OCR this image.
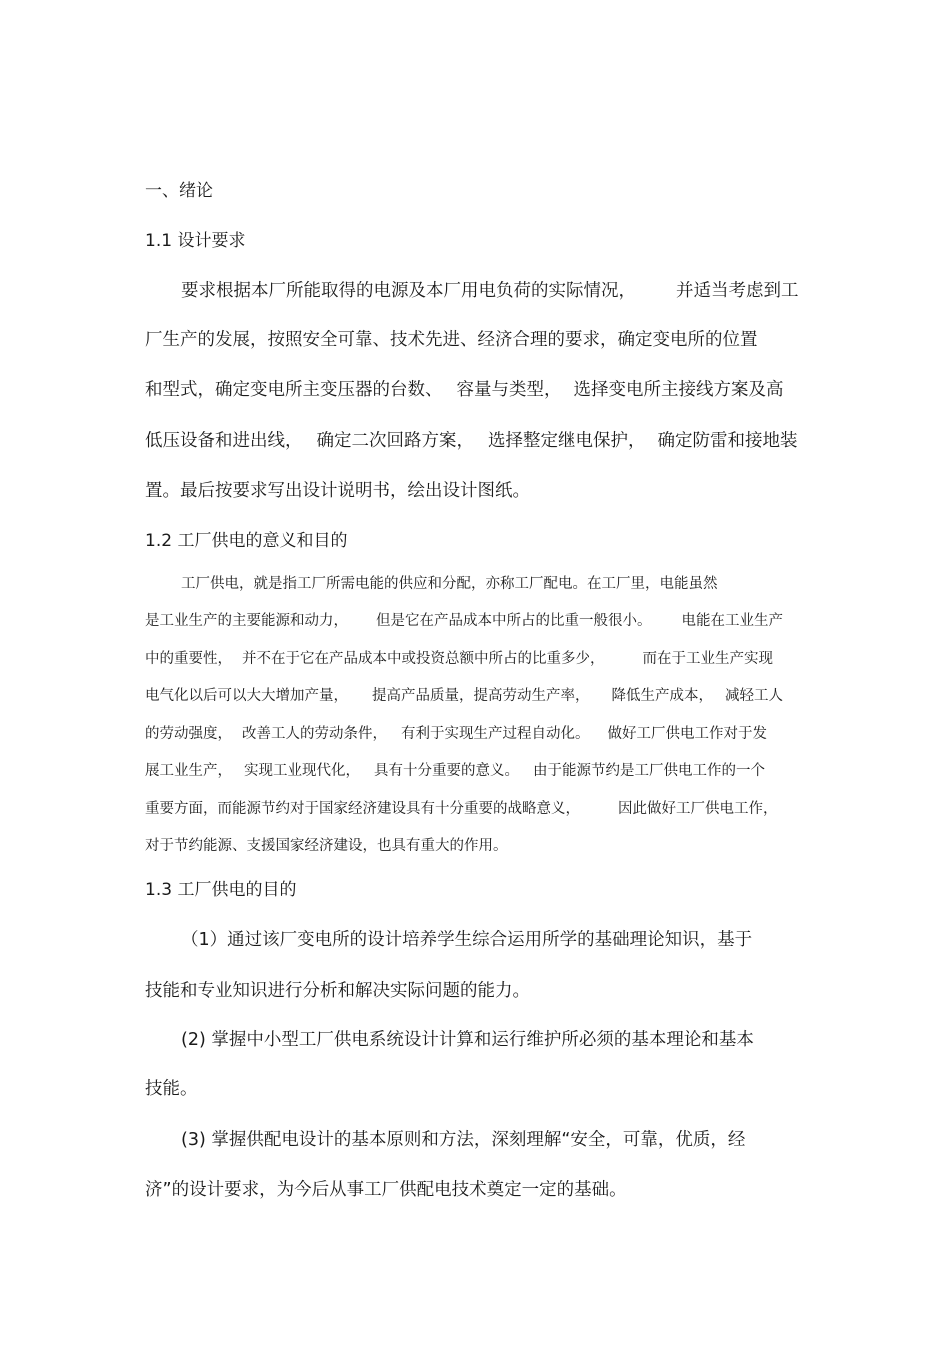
一、绪论
1.1 设计要求
要求根据本厂所能取得的电源及本厂用电负荷的实际情况， 并适当考虑到工
厂生产的发展，按照安全可靠、技术先进、经济合理的要求，确定变电所的位置
和型式，确定变电所主变压器的台数、 容量与类型， 选择变电所主接线方案及高
低压设备和进出线， 确定二次回路方案， 选择整定继电保护， 确定防雷和接地装
置。最后按要求写出设计说明书，绘出设计图纸。
1.2 工厂供电的意义和目的
工厂供电，就是指工厂所需电能的供应和分配，亦称工厂配电。在工厂里，电能虽然
是工业生产的主要能源和动力， 但是它在产品成本中所占的比重一般很小。 电能在工业生产
中的重要性， 并不在于它在产品成本中或投资总额中所占的比重多少，	而在于工业生产实现
电气化以后可以大大增加产量， 提高产品质量，提高劳动生产率， 降低生产成本， 减轻工人
的劳动强度， 改善工人的劳动条件， 有利于实现生产过程自动化。 做好工厂供电工作对于发
展工业生产， 实现工业现代化， 具有十分重要的意义。 由于能源节约是工厂供电工作的一个
重要方面，而能源节约对于国家经济建设具有十分重要的战略意义，	因此做好工厂供电工作，
对于节约能源、支援国家经济建设，也具有重大的作用。
1.3 工厂供电的目的
（1）通过该厂变电所的设计培养学生综合运用所学的基础理论知识，基于
技能和专业知识进行分析和解决实际问题的能力。
(2) 掌握中小型工厂供电系统设计计算和运行维护所必须的基本理论和基本
技能。
(3) 掌握供配电设计的基本原则和方法，深刻理解“安全，可靠，优质，经
济”的设计要求，为今后从事工厂供配电技术奠定一定的基础。
